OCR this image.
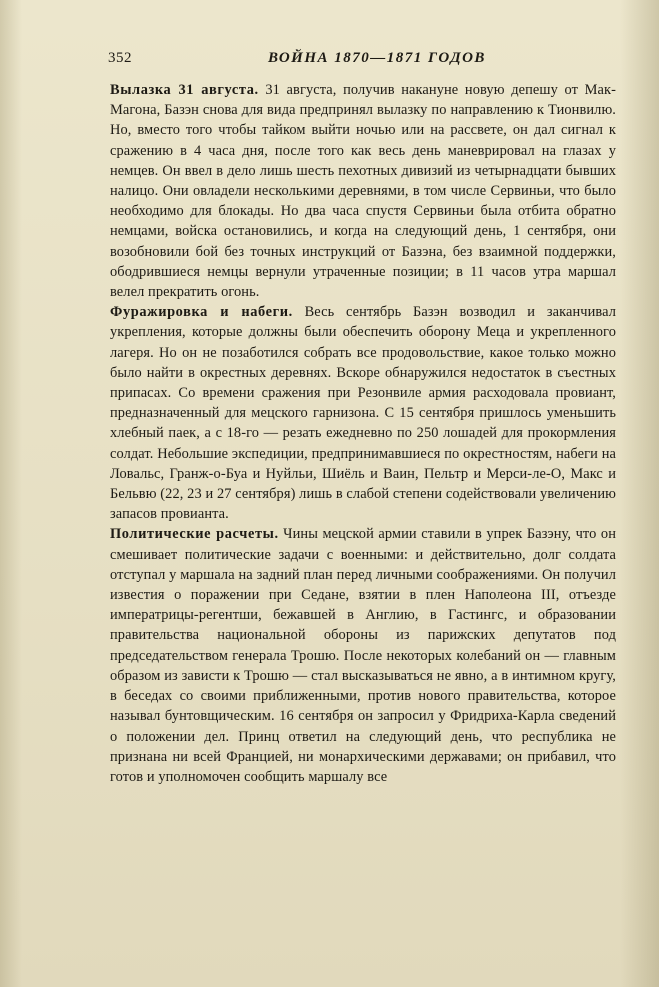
352	ВОЙНА 1870—1871 ГОДОВ

Вылазка 31 августа. 31 августа, получив накануне новую депешу от Мак-Магона, Базэн снова для вида предпринял вылазку по направлению к Тионвилю. Но, вместо того чтобы тайком выйти ночью или на рассвете, он дал сигнал к сражению в 4 часа дня, после того как весь день маневрировал на глазах у немцев. Он ввел в дело лишь шесть пехотных дивизий из четырнадцати бывших налицо. Они овладели несколькими деревнями, в том числе Сервиньи, что было необходимо для блокады. Но два часа спустя Сервиньи была отбита обратно немцами, войска остановились, и когда на следующий день, 1 сентября, они возобновили бой без точных инструкций от Базэна, без взаимной поддержки, ободрившиеся немцы вернули утраченные позиции; в 11 часов утра маршал велел прекратить огонь.

Фуражировка и набеги. Весь сентябрь Базэн возводил и заканчивал укрепления, которые должны были обеспечить оборону Меца и укрепленного лагеря. Но он не позаботился собрать все продовольствие, какое только можно было найти в окрестных деревнях. Вскоре обнаружился недостаток в съестных припасах. Со времени сражения при Резонвиле армия расходовала провиант, предназначенный для мецского гарнизона. С 15 сентября пришлось уменьшить хлебный паек, а с 18-го — резать ежедневно по 250 лошадей для прокормления солдат. Небольшие экспедиции, предпринимавшиеся по окрестностям, набеги на Ловальс, Гранж-о-Буа и Нуйльи, Шиёль и Ваин, Пельтр и Мерси-ле-О, Макс и Бельвю (22, 23 и 27 сентября) лишь в слабой степени содействовали увеличению запасов провианта.

Политические расчеты. Чины мецской армии ставили в упрек Базэну, что он смешивает политические задачи с военными: и действительно, долг солдата отступал у маршала на задний план перед личными соображениями. Он получил известия о поражении при Седане, взятии в плен Наполеона III, отъезде императрицы-регентши, бежавшей в Англию, в Гастингс, и образовании правительства национальной обороны из парижских депутатов под председательством генерала Трошю. После некоторых колебаний он — главным образом из зависти к Трошю — стал высказываться не явно, а в интимном кругу, в беседах со своими приближенными, против нового правительства, которое называл бунтовщическим. 16 сентября он запросил у Фридриха-Карла сведений о положении дел. Принц ответил на следующий день, что республика не признана ни всей Францией, ни монархическими державами; он прибавил, что готов и уполномочен сообщить маршалу все
